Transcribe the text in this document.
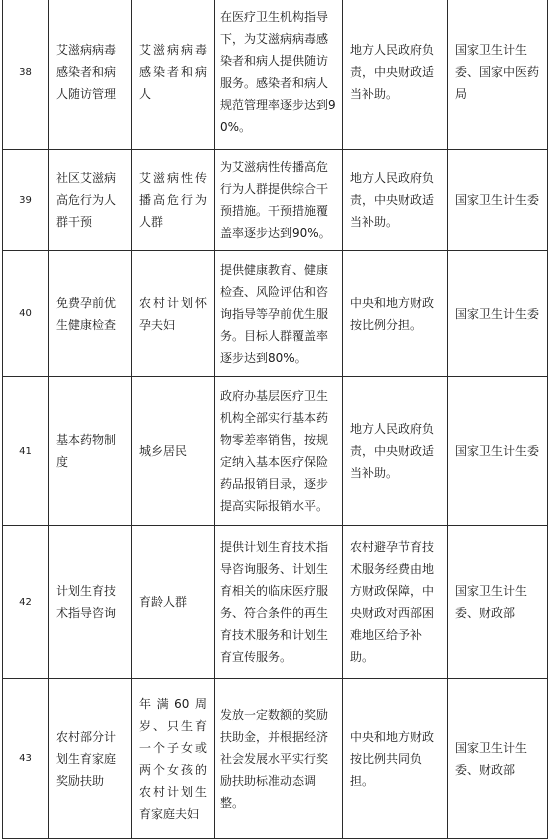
38	艾滋病病毒感染者和病人随访管理	艾滋病病毒感染者和病人	在医疗卫生机构指导下，为艾滋病病毒感染者和病人提供随访服务。感染者和病人规范管理率逐步达到90%。	地方人民政府负责，中央财政适当补助。	国家卫生计生委、国家中医药局

39	社区艾滋病高危行为人群干预	艾滋病性传播高危行为人群	为艾滋病性传播高危行为人群提供综合干预措施。干预措施覆盖率逐步达到90%。	地方人民政府负责，中央财政适当补助。	国家卫生计生委

40	免费孕前优生健康检查	农村计划怀孕夫妇	提供健康教育、健康检查、风险评估和咨询指导等孕前优生服务。目标人群覆盖率逐步达到80%。	中央和地方财政按比例分担。	国家卫生计生委

41	基本药物制度	城乡居民	政府办基层医疗卫生机构全部实行基本药物零差率销售，按规定纳入基本医疗保险药品报销目录，逐步提高实际报销水平。	地方人民政府负责，中央财政适当补助。	国家卫生计生委

42	计划生育技术指导咨询	育龄人群	提供计划生育技术指导咨询服务、计划生育相关的临床医疗服务、符合条件的再生育技术服务和计划生育宣传服务。	农村避孕节育技术服务经费由地方财政保障，中央财政对西部困难地区给予补助。	国家卫生计生委、财政部

43	农村部分计划生育家庭奖励扶助	年满60周岁、只生育一个子女或两个女孩的农村计划生育家庭夫妇	发放一定数额的奖励扶助金，并根据经济社会发展水平实行奖励扶助标准动态调整。	中央和地方财政按比例共同负担。	国家卫生计生委、财政部
